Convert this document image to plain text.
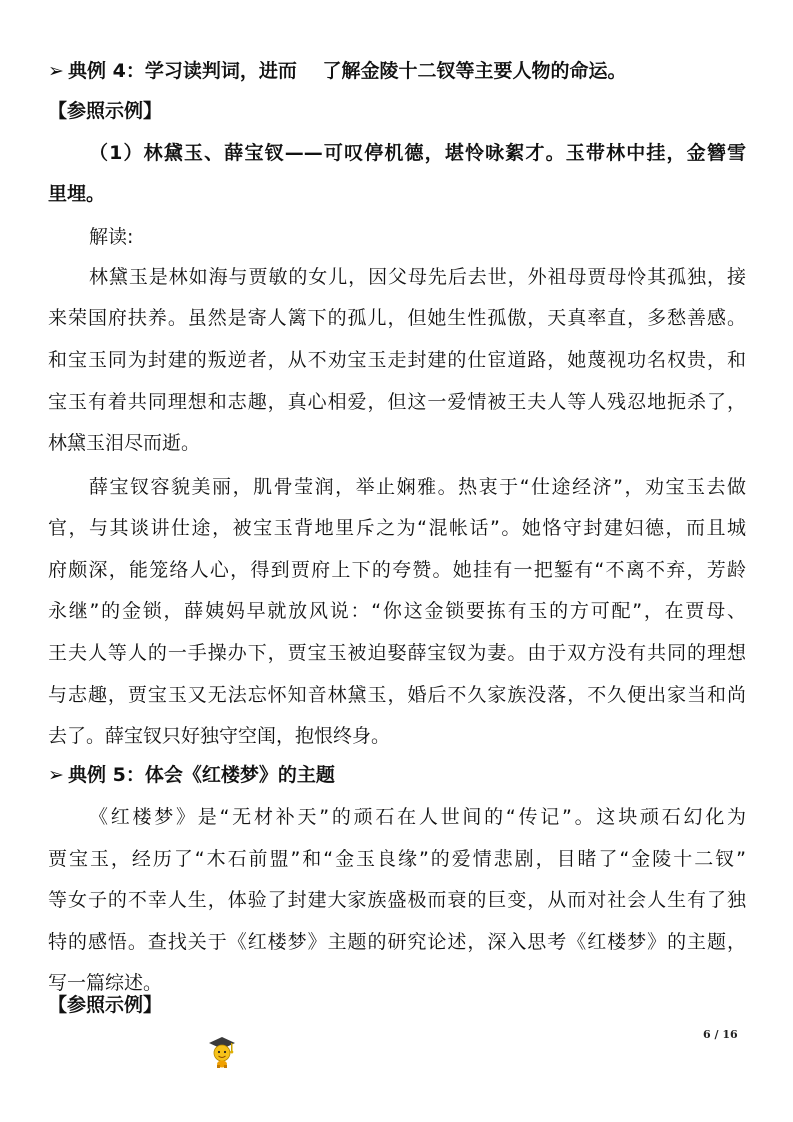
➢ 典例 4：学习读判词，进而　 了解金陵十二钗等主要人物的命运。
【参照示例】
（1）林黛玉、薛宝钗——可叹停机德，堪怜咏絮才。玉带林中挂，金簪雪
里埋。
解读:
林黛玉是林如海与贾敏的女儿，因父母先后去世，外祖母贾母怜其孤独，接
来荣国府扶养。虽然是寄人篱下的孤儿，但她生性孤傲，天真率直，多愁善感。
和宝玉同为封建的叛逆者，从不劝宝玉走封建的仕宦道路，她蔑视功名权贵，和
宝玉有着共同理想和志趣，真心相爱，但这一爱情被王夫人等人残忍地扼杀了，
林黛玉泪尽而逝。
薛宝钗容貌美丽，肌骨莹润，举止娴雅。热衷于“仕途经济”，劝宝玉去做
官，与其谈讲仕途，被宝玉背地里斥之为“混帐话”。她恪守封建妇德，而且城
府颇深，能笼络人心，得到贾府上下的夸赞。她挂有一把錾有“不离不弃，芳龄
永继”的金锁，薛姨妈早就放风说：“你这金锁要拣有玉的方可配”，在贾母、
王夫人等人的一手操办下，贾宝玉被迫娶薛宝钗为妻。由于双方没有共同的理想
与志趣，贾宝玉又无法忘怀知音林黛玉，婚后不久家族没落，不久便出家当和尚
去了。薛宝钗只好独守空闺，抱恨终身。
➢ 典例 5：体会《红楼梦》的主题
《红楼梦》是“无材补天”的顽石在人世间的“传记”。这块顽石幻化为
贾宝玉，经历了“木石前盟”和“金玉良缘”的爱情悲剧，目睹了“金陵十二钗”
等女子的不幸人生，体验了封建大家族盛极而衰的巨变，从而对社会人生有了独
特的感悟。查找关于《红楼梦》主题的研究论述，深入思考《红楼梦》的主题，
写一篇综述。
【参照示例】
6 / 16
